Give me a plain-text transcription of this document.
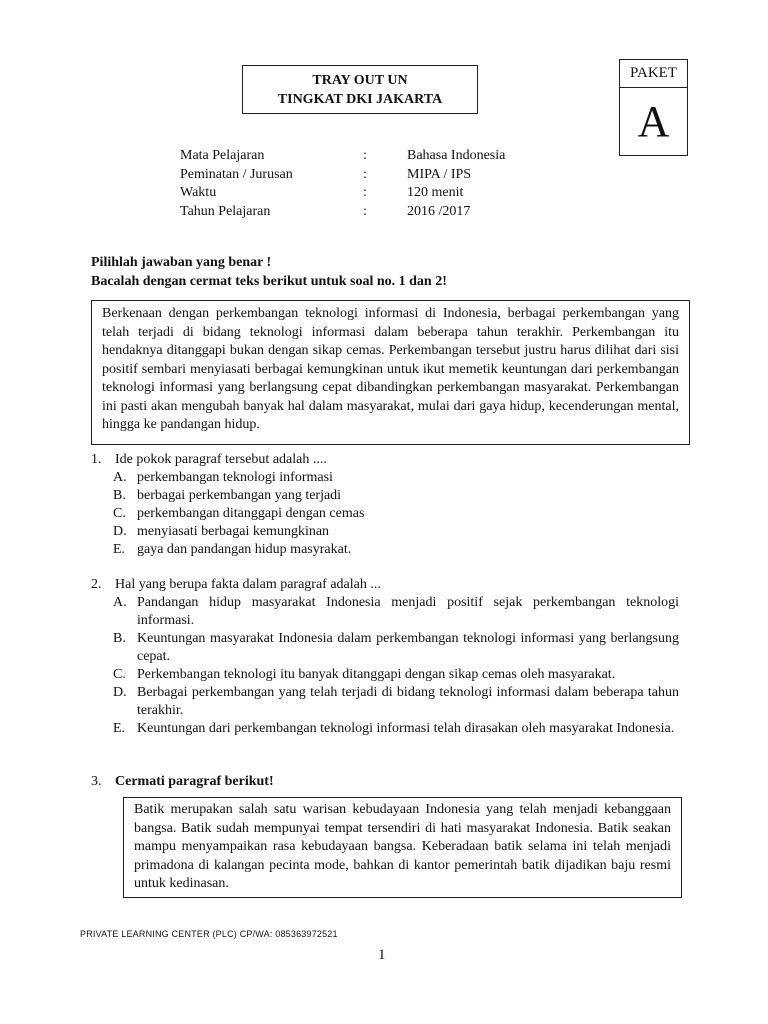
TRAY OUT UN
TINGKAT DKI JAKARTA
PAKET
A
Mata Pelajaran	:	Bahasa Indonesia
Peminatan / Jurusan	:	MIPA / IPS
Waktu	:	120 menit
Tahun Pelajaran	:	2016 /2017
Pilihlah jawaban yang benar !
Bacalah dengan cermat teks berikut untuk soal no. 1 dan 2!
Berkenaan dengan perkembangan teknologi informasi di Indonesia, berbagai perkembangan yang telah terjadi di bidang teknologi informasi dalam beberapa tahun terakhir. Perkembangan itu hendaknya ditanggapi bukan dengan sikap cemas. Perkembangan tersebut justru harus dilihat dari sisi positif sembari menyiasati berbagai kemungkinan untuk ikut memetik keuntungan dari perkembangan teknologi informasi yang berlangsung cepat dibandingkan perkembangan masyarakat. Perkembangan ini pasti akan mengubah banyak hal dalam masyarakat, mulai dari gaya hidup, kecenderungan mental, hingga ke pandangan hidup.
1. Ide pokok paragraf tersebut adalah ....
A. perkembangan teknologi informasi
B. berbagai perkembangan yang terjadi
C. perkembangan ditanggapi dengan cemas
D. menyiasati berbagai kemungkinan
E. gaya dan pandangan hidup masyrakat.
2. Hal yang berupa fakta dalam paragraf adalah ...
A. Pandangan hidup masyarakat Indonesia menjadi positif sejak perkembangan teknologi informasi.
B. Keuntungan masyarakat Indonesia dalam perkembangan teknologi informasi yang berlangsung cepat.
C. Perkembangan teknologi itu banyak ditanggapi dengan sikap cemas oleh masyarakat.
D. Berbagai perkembangan yang telah terjadi di bidang teknologi informasi dalam beberapa tahun terakhir.
E. Keuntungan dari perkembangan teknologi informasi telah dirasakan oleh masyarakat Indonesia.
3. Cermati paragraf berikut!
Batik merupakan salah satu warisan kebudayaan Indonesia yang telah menjadi kebanggaan bangsa. Batik sudah mempunyai tempat tersendiri di hati masyarakat Indonesia. Batik seakan mampu menyampaikan rasa kebudayaan bangsa. Keberadaan batik selama ini telah menjadi primadona di kalangan pecinta mode, bahkan di kantor pemerintah batik dijadikan baju resmi untuk kedinasan.
PRIVATE LEARNING CENTER (PLC) CP/WA: 085363972521
1
